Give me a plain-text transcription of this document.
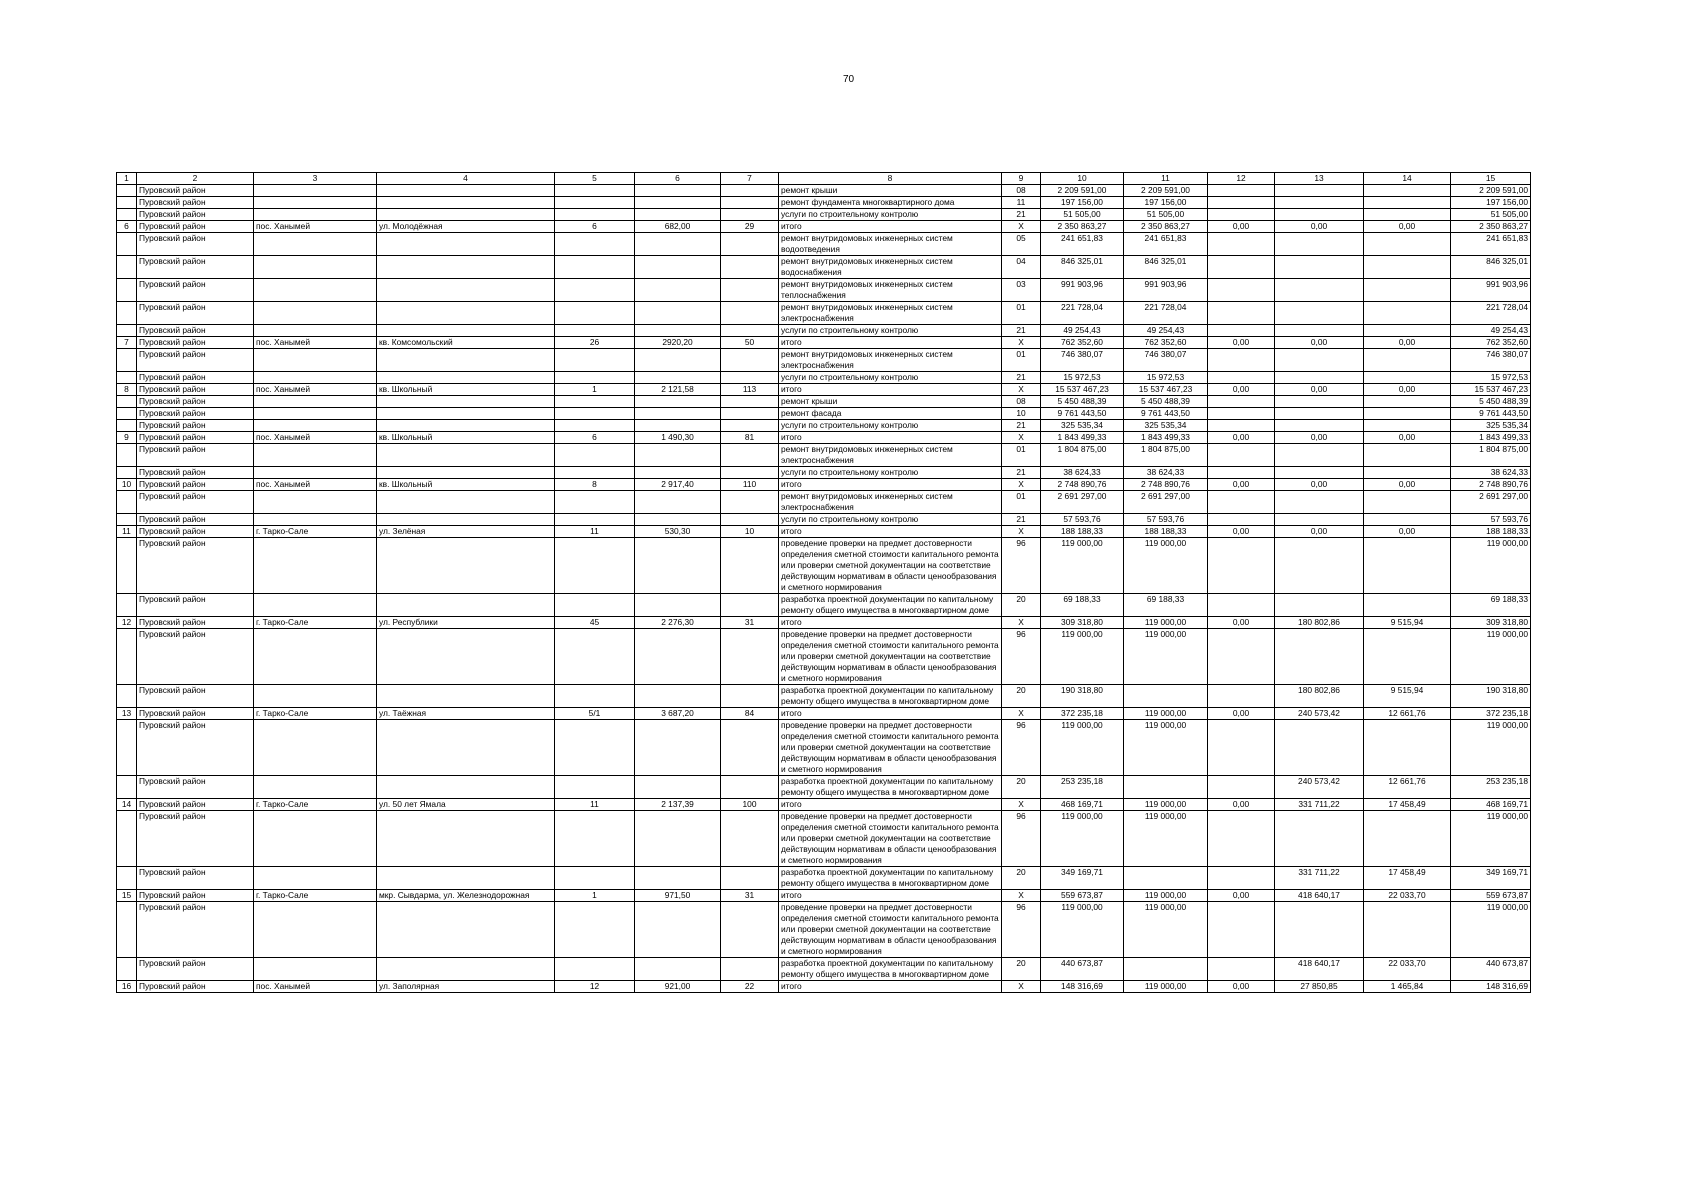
70
1	2	3	4	5	6	7	8	9	10	11	12	13	14	15
	Пуровский район						ремонт крыши	08	2 209 591,00	2 209 591,00				2 209 591,00
	Пуровский район						ремонт фундамента многоквартирного дома	11	197 156,00	197 156,00				197 156,00
	Пуровский район						услуги по строительному контролю	21	51 505,00	51 505,00				51 505,00
6	Пуровский район	пос. Ханымей	ул. Молодёжная	6	682,00	29	итого	X	2 350 863,27	2 350 863,27	0,00	0,00	0,00	2 350 863,27
	Пуровский район						ремонт внутридомовых инженерных систем водоотведения	05	241 651,83	241 651,83				241 651,83
	Пуровский район						ремонт внутридомовых инженерных систем водоснабжения	04	846 325,01	846 325,01				846 325,01
	Пуровский район						ремонт внутридомовых инженерных систем теплоснабжения	03	991 903,96	991 903,96				991 903,96
	Пуровский район						ремонт внутридомовых инженерных систем электроснабжения	01	221 728,04	221 728,04				221 728,04
	Пуровский район						услуги по строительному контролю	21	49 254,43	49 254,43				49 254,43
7	Пуровский район	пос. Ханымей	кв. Комсомольский	26	2920,20	50	итого	X	762 352,60	762 352,60	0,00	0,00	0,00	762 352,60
	Пуровский район						ремонт внутридомовых инженерных систем электроснабжения	01	746 380,07	746 380,07				746 380,07
	Пуровский район						услуги по строительному контролю	21	15 972,53	15 972,53				15 972,53
8	Пуровский район	пос. Ханымей	кв. Школьный	1	2 121,58	113	итого	X	15 537 467,23	15 537 467,23	0,00	0,00	0,00	15 537 467,23
	Пуровский район						ремонт крыши	08	5 450 488,39	5 450 488,39				5 450 488,39
	Пуровский район						ремонт фасада	10	9 761 443,50	9 761 443,50				9 761 443,50
	Пуровский район						услуги по строительному контролю	21	325 535,34	325 535,34				325 535,34
9	Пуровский район	пос. Ханымей	кв. Школьный	6	1 490,30	81	итого	X	1 843 499,33	1 843 499,33	0,00	0,00	0,00	1 843 499,33
	Пуровский район						ремонт внутридомовых инженерных систем электроснабжения	01	1 804 875,00	1 804 875,00				1 804 875,00
	Пуровский район						услуги по строительному контролю	21	38 624,33	38 624,33				38 624,33
10	Пуровский район	пос. Ханымей	кв. Школьный	8	2 917,40	110	итого	X	2 748 890,76	2 748 890,76	0,00	0,00	0,00	2 748 890,76
	Пуровский район						ремонт внутридомовых инженерных систем электроснабжения	01	2 691 297,00	2 691 297,00				2 691 297,00
	Пуровский район						услуги по строительному контролю	21	57 593,76	57 593,76				57 593,76
11	Пуровский район	г. Тарко-Сале	ул. Зелёная	11	530,30	10	итого	X	188 188,33	188 188,33	0,00	0,00	0,00	188 188,33
	Пуровский район						проведение проверки на предмет достоверности определения сметной стоимости капитального ремонта или проверки сметной документации на соответствие действующим нормативам в области ценообразования и сметного нормирования	96	119 000,00	119 000,00				119 000,00
	Пуровский район						разработка проектной документации по капитальному ремонту общего имущества в многоквартирном доме	20	69 188,33	69 188,33				69 188,33
12	Пуровский район	г. Тарко-Сале	ул. Республики	45	2 276,30	31	итого	X	309 318,80	119 000,00	0,00	180 802,86	9 515,94	309 318,80
	Пуровский район						проведение проверки на предмет достоверности определения сметной стоимости капитального ремонта или проверки сметной документации на соответствие действующим нормативам в области ценообразования и сметного нормирования	96	119 000,00	119 000,00				119 000,00
	Пуровский район						разработка проектной документации по капитальному ремонту общего имущества в многоквартирном доме	20	190 318,80			180 802,86	9 515,94	190 318,80
13	Пуровский район	г. Тарко-Сале	ул. Таёжная	5/1	3 687,20	84	итого	X	372 235,18	119 000,00	0,00	240 573,42	12 661,76	372 235,18
	Пуровский район						проведение проверки на предмет достоверности определения сметной стоимости капитального ремонта или проверки сметной документации на соответствие действующим нормативам в области ценообразования и сметного нормирования	96	119 000,00	119 000,00				119 000,00
	Пуровский район						разработка проектной документации по капитальному ремонту общего имущества в многоквартирном доме	20	253 235,18			240 573,42	12 661,76	253 235,18
14	Пуровский район	г. Тарко-Сале	ул. 50 лет Ямала	11	2 137,39	100	итого	X	468 169,71	119 000,00	0,00	331 711,22	17 458,49	468 169,71
	Пуровский район						проведение проверки на предмет достоверности определения сметной стоимости капитального ремонта или проверки сметной документации на соответствие действующим нормативам в области ценообразования и сметного нормирования	96	119 000,00	119 000,00				119 000,00
	Пуровский район						разработка проектной документации по капитальному ремонту общего имущества в многоквартирном доме	20	349 169,71			331 711,22	17 458,49	349 169,71
15	Пуровский район	г. Тарко-Сале	мкр. Сывдарма, ул. Железнодорожная	1	971,50	31	итого	X	559 673,87	119 000,00	0,00	418 640,17	22 033,70	559 673,87
	Пуровский район						проведение проверки на предмет достоверности определения сметной стоимости капитального ремонта или проверки сметной документации на соответствие действующим нормативам в области ценообразования и сметного нормирования	96	119 000,00	119 000,00				119 000,00
	Пуровский район						разработка проектной документации по капитальному ремонту общего имущества в многоквартирном доме	20	440 673,87			418 640,17	22 033,70	440 673,87
16	Пуровский район	пос. Ханымей	ул. Заполярная	12	921,00	22	итого	X	148 316,69	119 000,00	0,00	27 850,85	1 465,84	148 316,69
